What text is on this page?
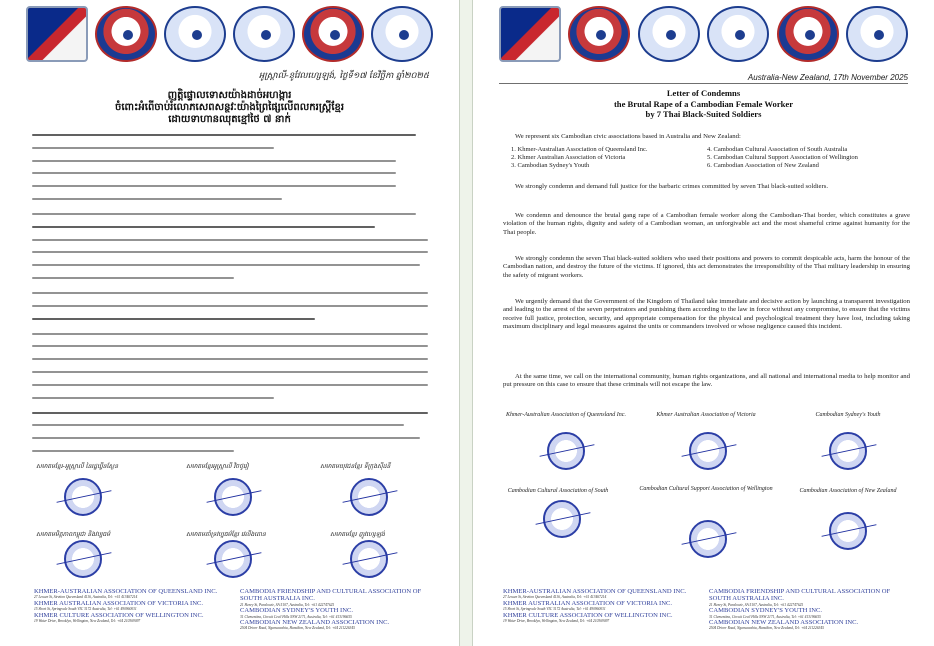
អូស្ត្រាលី-នូវែលហ្សេឡង់, ថ្ងៃទី១៧ ខែវិច្ឆិកា ឆ្នាំ២០២៥
ញត្តិផ្ទោលទោសយ៉ាងដាច់អហង្ការ
ចំពោះអំពើចាប់រំលោភសេពសន្ថវៈយ៉ាងព្រៃផ្សៃលើពលករស្ត្រីខ្មែរ
ដោយទាហានឈុតខ្មៅថៃ ៧ នាក់
សមាគមខ្មែរ-អូស្ត្រាលី នៃរដ្ឋឃ្វីនស្លែន	សមាគមខ្មែរអូស្ត្រាលី វិចថូរៀ	សមាគមយុវជនខ្មែរ ទីក្រុងស៊ីដនី
សមាគមមិត្តភាពកម្ពុជា និងវប្បធម៌	សមាគមគាំទ្រវប្បធម៌ខ្មែរ វេលីងតោន	សមាគមខ្មែរ ញូវហ្សេឡង់
KHMER-AUSTRALIAN ASSOCIATION OF QUEENSLAND INC.
27 Lessen St, Stretton Queensland 4116, Australia, Tel: +61 413467214
KHMER AUSTRALIAN ASSOCIATION OF VICTORIA INC.
15 Short St, Springvale South VIC 3172 Australia, Tel: +61 490960031
KHMER CULTURE ASSOCIATION OF WELLINGTON INC.
19 Water Drive, Brooklyn, Wellington, New Zealand, Tel: +64 210369097
CAMBODIA FRIENDSHIP AND CULTURAL ASSOCIATION OF SOUTH AUSTRALIA INC.
21 Henry St, Paralowie, SA 5107, Australia, Tel: +61 422747625
CAMBODIAN SYDNEY'S YOUTH INC.
31 Clementina, Circuit Cecil Hills NSW 2171, Australia, Tel: +61 413196655
CAMBODIAN NEW ZEALAND ASSOCIATION INC.
2504 Driver Road, Ngaruawahia, Hamilton, New Zealand, Tel: +64 211226345
Australia-New Zealand, 17th November 2025
Letter of Condemns
the Brutal Rape of a Cambodian Female Worker
by 7 Thai Black-Suited Soldiers
We represent six Cambodian civic associations based in Australia and New Zealand:
1. Khmer-Australian Association of Queensland Inc.	4. Cambodian Cultural Association of South Australia
2. Khmer Australian Association of Victoria	5. Cambodian Cultural Support Association of Wellington
3. Cambodian Sydney's Youth	6. Cambodian Association of New Zealand
We strongly condemn and demand full justice for the barbaric crimes committed by seven Thai black-suited soldiers.
We condemn and denounce the brutal gang rape of a Cambodian female worker along the Cambodian-Thai border, which constitutes a grave violation of the human rights, dignity and safety of a Cambodian woman, an unforgivable act and the most shameful crime against humanity for the Thai people.
We strongly condemn the seven Thai black-suited soldiers who used their positions and powers to commit despicable acts, harm the honour of the Cambodian nation, and destroy the future of the victims. If ignored, this act demonstrates the irresponsibility of the Thai military leadership in ensuring the safety of migrant workers.
We urgently demand that the Government of the Kingdom of Thailand take immediate and decisive action by launching a transparent investigation and leading to the arrest of the seven perpetrators and punishing them according to the law in force without any compromise, to ensure that the victims receive full justice, protection, security, and appropriate compensation for the physical and psychological treatment they have lost, including taking maximum disciplinary and legal measures against the units or commanders involved or whose negligence caused this incident.
At the same time, we call on the international community, human rights organizations, and all national and international media to help monitor and put pressure on this case to ensure that these criminals will not escape the law.
Khmer-Australian Association of Queensland Inc.	Khmer Australian Association of Victoria	Cambodian Sydney's Youth
Cambodian Cultural Association of South	Cambodian Cultural Support Association of Wellington	Cambodian Association of New Zealand
KHMER-AUSTRALIAN ASSOCIATION OF QUEENSLAND INC.
27 Lessen St, Stretton Queensland 4116, Australia, Tel: +61 413467214
KHMER AUSTRALIAN ASSOCIATION OF VICTORIA INC.
15 Short St, Springvale South VIC 3172 Australia, Tel: +61 490960031
KHMER CULTURE ASSOCIATION OF WELLINGTON INC.
19 Water Drive, Brooklyn, Wellington, New Zealand, Tel: +64 210369097
CAMBODIA FRIENDSHIP AND CULTURAL ASSOCIATION OF SOUTH AUSTRALIA INC.
21 Henry St, Paralowie, SA 5107, Australia, Tel: +61 422747625
CAMBODIAN SYDNEY'S YOUTH INC.
31 Clementina, Circuit Cecil Hills NSW 2171, Australia, Tel: +61 413196655
CAMBODIAN NEW ZEALAND ASSOCIATION INC.
2504 Driver Road, Ngaruawahia, Hamilton, New Zealand, Tel: +64 211226345
